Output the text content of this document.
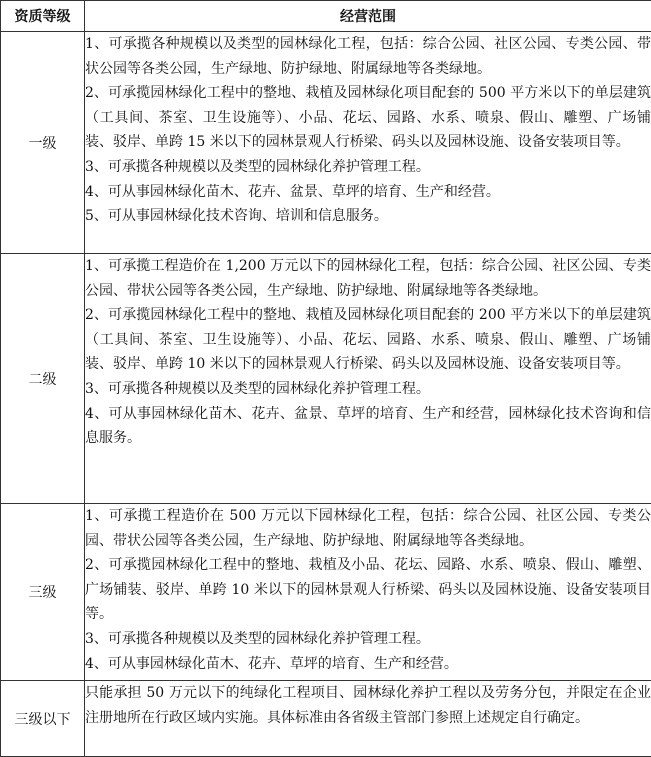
资质等级	经营范围
一级	1、可承揽各种规模以及类型的园林绿化工程，包括：综合公园、社区公园、专类公园、带状公园等各类公园，生产绿地、防护绿地、附属绿地等各类绿地。

2、可承揽园林绿化工程中的整地、栽植及园林绿化项目配套的 500 平方米以下的单层建筑（工具间、茶室、卫生设施等）、小品、花坛、园路、水系、喷泉、假山、雕塑、广场铺装、驳岸、单跨 15 米以下的园林景观人行桥梁、码头以及园林设施、设备安装项目等。

3、可承揽各种规模以及类型的园林绿化养护管理工程。

4、可从事园林绿化苗木、花卉、盆景、草坪的培育、生产和经营。

5、可从事园林绿化技术咨询、培训和信息服务。

二级	1、可承揽工程造价在 1,200 万元以下的园林绿化工程，包括：综合公园、社区公园、专类公园、带状公园等各类公园，生产绿地、防护绿地、附属绿地等各类绿地。

2、可承揽园林绿化工程中的整地、栽植及园林绿化项目配套的 200 平方米以下的单层建筑（工具间、茶室、卫生设施等）、小品、花坛、园路、水系、喷泉、假山、雕塑、广场铺装、驳岸、单跨 10 米以下的园林景观人行桥梁、码头以及园林设施、设备安装项目等。

3、可承揽各种规模以及类型的园林绿化养护管理工程。

4、可从事园林绿化苗木、花卉、盆景、草坪的培育、生产和经营，园林绿化技术咨询和信息服务。

三级	1、可承揽工程造价在 500 万元以下园林绿化工程，包括：综合公园、社区公园、专类公园、带状公园等各类公园，生产绿地、防护绿地、附属绿地等各类绿地。

2、可承揽园林绿化工程中的整地、栽植及小品、花坛、园路、水系、喷泉、假山、雕塑、广场铺装、驳岸、单跨 10 米以下的园林景观人行桥梁、码头以及园林设施、设备安装项目等。

3、可承揽各种规模以及类型的园林绿化养护管理工程。

4、可从事园林绿化苗木、花卉、草坪的培育、生产和经营。

三级以下	只能承担 50 万元以下的纯绿化工程项目、园林绿化养护工程以及劳务分包，并限定在企业注册地所在行政区域内实施。具体标准由各省级主管部门参照上述规定自行确定。
